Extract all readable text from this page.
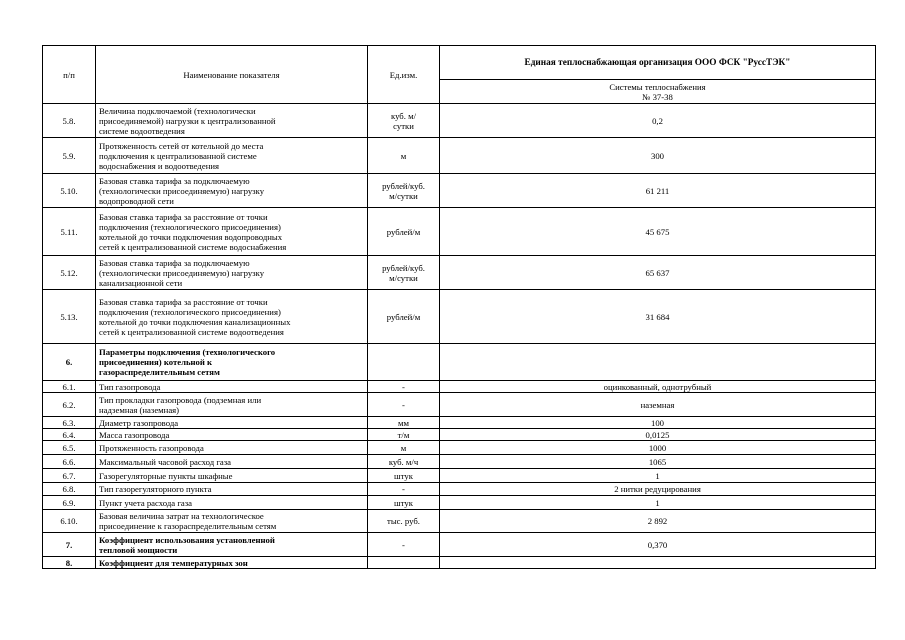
п/п	Наименование показателя	Ед.изм.	Единая теплоснабжающая организация ООО ФСК "РуссТЭК"
			Системы теплоснабжения
№ 37-38
5.8.	Величина подключаемой (технологически
присоединяемой) нагрузки к централизованной
системе водоотведения	куб. м/
сутки	0,2
5.9.	Протяженность сетей от котельной до места
подключения к централизованной системе
водоснабжения и водоотведения	м	300
5.10.	Базовая ставка тарифа за подключаемую
(технологически присоединяемую) нагрузку
водопроводной сети	рублей/куб.
м/сутки	61 211
5.11.	Базовая ставка тарифа за расстояние от точки
подключения (технологического присоединения)
котельной до точки подключения водопроводных
сетей к централизованной системе водоснабжения	рублей/м	45 675
5.12.	Базовая ставка тарифа за подключаемую
(технологически присоединяемую) нагрузку
канализационной сети	рублей/куб.
м/сутки	65 637
5.13.	Базовая ставка тарифа за расстояние от точки
подключения (технологического присоединения)
котельной до точки подключения канализационных
сетей к централизованной системе водоотведения	рублей/м	31 684
6.	Параметры подключения (технологического
присоединения) котельной к
газораспределительным сетям		
6.1.	Тип газопровода	-	оцинкованный, однотрубный
6.2.	Тип прокладки газопровода (подземная или
надземная (наземная)	-	наземная
6.3.	Диаметр газопровода	мм	100
6.4.	Масса газопровода	т/м	0,0125
6.5.	Протяженность газопровода	м	1000
6.6.	Максимальный часовой расход газа	куб. м/ч	1065
6.7.	Газорегуляторные пункты шкафные	штук	1
6.8.	Тип газорегуляторного пункта	-	2 нитки редуцирования
6.9.	Пункт учета расхода газа	штук	1
6.10.	Базовая величина затрат на технологическое
присоединение к газораспределительным сетям	тыс. руб.	2 892
7.	Коэффициент использования установленной
тепловой мощности	-	0,370
8.	Коэффициент для температурных зон		
